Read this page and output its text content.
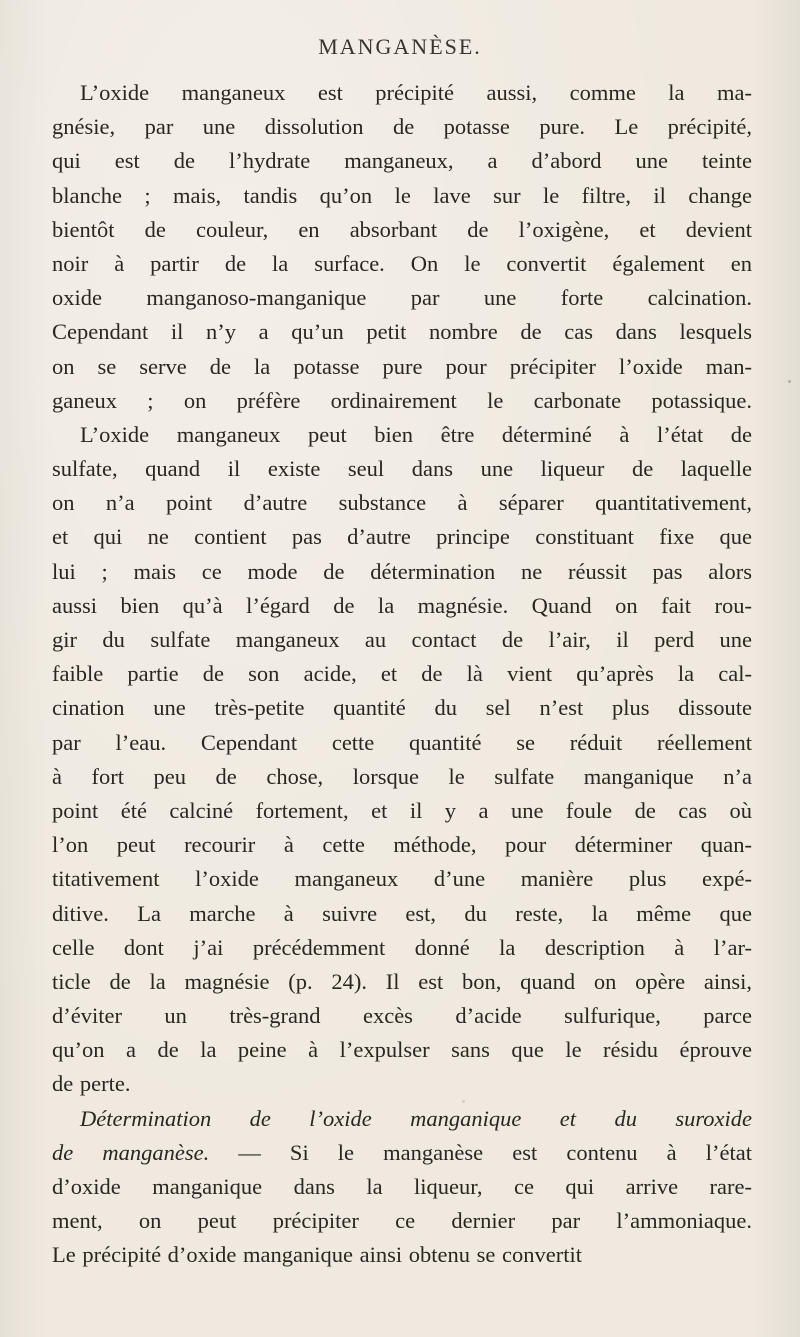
MANGANÈSE.
L’oxide manganeux est précipité aussi, comme la ma-
gnésie, par une dissolution de potasse pure. Le précipité,
qui est de l’hydrate manganeux, a d’abord une teinte
blanche ; mais, tandis qu’on le lave sur le filtre, il change
bientôt de couleur, en absorbant de l’oxigène, et devient
noir à partir de la surface. On le convertit également en
oxide manganoso-manganique par une forte calcination.
Cependant il n’y a qu’un petit nombre de cas dans lesquels
on se serve de la potasse pure pour précipiter l’oxide man-
ganeux ; on préfère ordinairement le carbonate potassique.
L’oxide manganeux peut bien être déterminé à l’état de
sulfate, quand il existe seul dans une liqueur de laquelle
on n’a point d’autre substance à séparer quantitativement,
et qui ne contient pas d’autre principe constituant fixe que
lui ; mais ce mode de détermination ne réussit pas alors
aussi bien qu’à l’égard de la magnésie. Quand on fait rou-
gir du sulfate manganeux au contact de l’air, il perd une
faible partie de son acide, et de là vient qu’après la cal-
cination une très-petite quantité du sel n’est plus dissoute
par l’eau. Cependant cette quantité se réduit réellement
à fort peu de chose, lorsque le sulfate manganique n’a
point été calciné fortement, et il y a une foule de cas où
l’on peut recourir à cette méthode, pour déterminer quan-
titativement l’oxide manganeux d’une manière plus expé-
ditive. La marche à suivre est, du reste, la même que
celle dont j’ai précédemment donné la description à l’ar-
ticle de la magnésie (p. 24). Il est bon, quand on opère ainsi,
d’éviter un très-grand excès d’acide sulfurique, parce
qu’on a de la peine à l’expulser sans que le résidu éprouve
de perte.
Détermination de l’oxide manganique et du suroxide
de manganèse. — Si le manganèse est contenu à l’état
d’oxide manganique dans la liqueur, ce qui arrive rare-
ment, on peut précipiter ce dernier par l’ammoniaque.
Le précipité d’oxide manganique ainsi obtenu se convertit
